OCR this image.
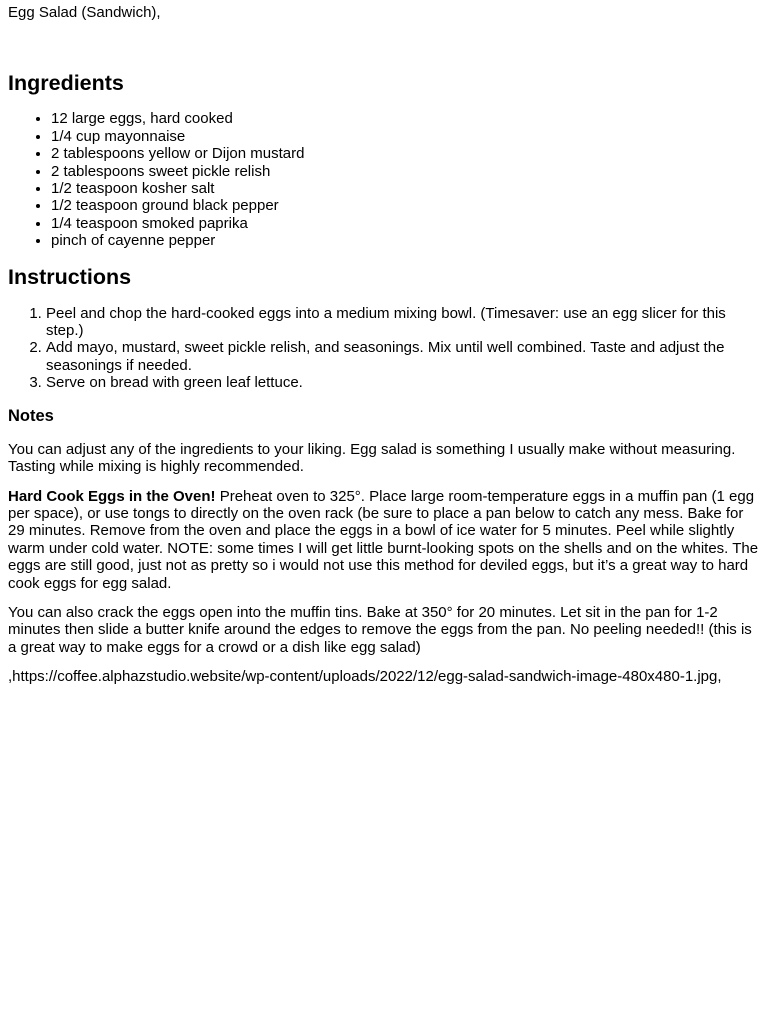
Egg Salad (Sandwich),
Ingredients
• 12 large eggs, hard cooked
• 1/4 cup mayonnaise
• 2 tablespoons yellow or Dijon mustard
• 2 tablespoons sweet pickle relish
• 1/2 teaspoon kosher salt
• 1/2 teaspoon ground black pepper
• 1/4 teaspoon smoked paprika
• pinch of cayenne pepper
Instructions
1. Peel and chop the hard-cooked eggs into a medium mixing bowl. (Timesaver: use an egg slicer for this step.)
2. Add mayo, mustard, sweet pickle relish, and seasonings. Mix until well combined. Taste and adjust the seasonings if needed.
3. Serve on bread with green leaf lettuce.
Notes

You can adjust any of the ingredients to your liking. Egg salad is something I usually make without measuring. Tasting while mixing is highly recommended.

Hard Cook Eggs in the Oven! Preheat oven to 325°. Place large room-temperature eggs in a muffin pan (1 egg per space), or use tongs to directly on the oven rack (be sure to place a pan below to catch any mess. Bake for 29 minutes. Remove from the oven and place the eggs in a bowl of ice water for 5 minutes. Peel while slightly warm under cold water. NOTE: some times I will get little burnt-looking spots on the shells and on the whites. The eggs are still good, just not as pretty so i would not use this method for deviled eggs, but it’s a great way to hard cook eggs for egg salad.

You can also crack the eggs open into the muffin tins. Bake at 350° for 20 minutes. Let sit in the pan for 1-2 minutes then slide a butter knife around the edges to remove the eggs from the pan. No peeling needed!! (this is a great way to make eggs for a crowd or a dish like egg salad)

,https://coffee.alphazstudio.website/wp-content/uploads/2022/12/egg-salad-sandwich-image-480x480-1.jpg,
